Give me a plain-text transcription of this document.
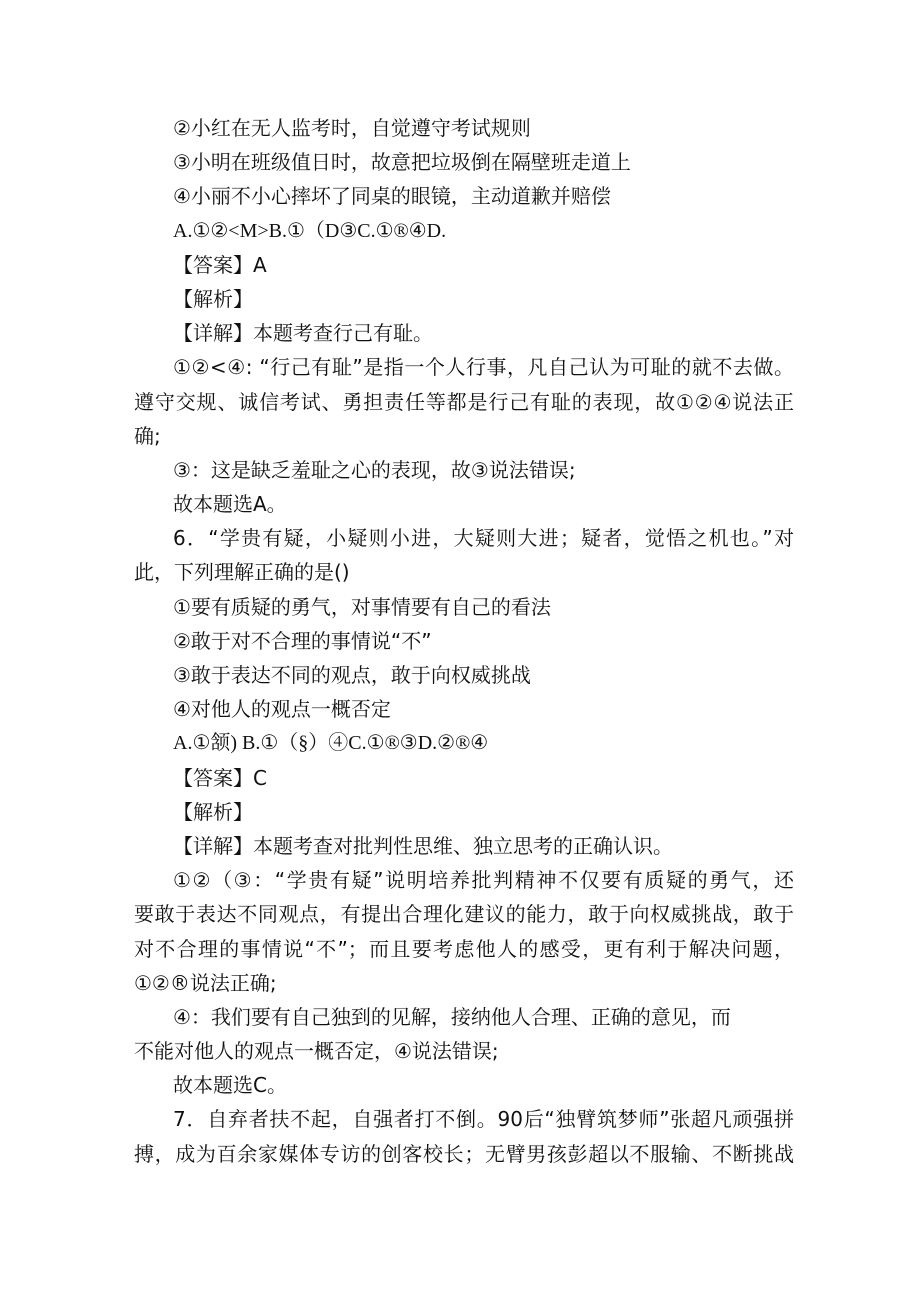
②小红在无人监考时，自觉遵守考试规则
③小明在班级值日时，故意把垃圾倒在隔壁班走道上
④小丽不小心摔坏了同桌的眼镜，主动道歉并赔偿
A.①②<M>B.①（D③C.①®④D.
【答案】A
【解析】
【详解】本题考查行己有耻。
①②<④: “行己有耻”是指一个人行事，凡自己认为可耻的就不去做。
遵守交规、诚信考试、勇担责任等都是行己有耻的表现，故①②④说法正
确;
③：这是缺乏羞耻之心的表现，故③说法错误;
故本题选A。
6．“学贵有疑，小疑则小进，大疑则大进；疑者，觉悟之机也。”对
此，下列理解正确的是()
①要有质疑的勇气，对事情要有自己的看法
②敢于对不合理的事情说“不”
③敢于表达不同的观点，敢于向权威挑战
④对他人的观点一概否定
A.①颔) B.①（§）④C.①®③D.②®④
【答案】C
【解析】
【详解】本题考查对批判性思维、独立思考的正确认识。
①②（③：“学贵有疑”说明培养批判精神不仅要有质疑的勇气，还
要敢于表达不同观点，有提出合理化建议的能力，敢于向权威挑战，敢于
对不合理的事情说“不”；而且要考虑他人的感受，更有利于解决问题，
①②®说法正确;
④：我们要有自己独到的见解，接纳他人合理、正确的意见，而
不能对他人的观点一概否定，④说法错误;
故本题选C。
7．自弃者扶不起，自强者打不倒。90后“独臂筑梦师”张超凡顽强拼
搏，成为百余家媒体专访的创客校长；无臂男孩彭超以不服输、不断挑战
